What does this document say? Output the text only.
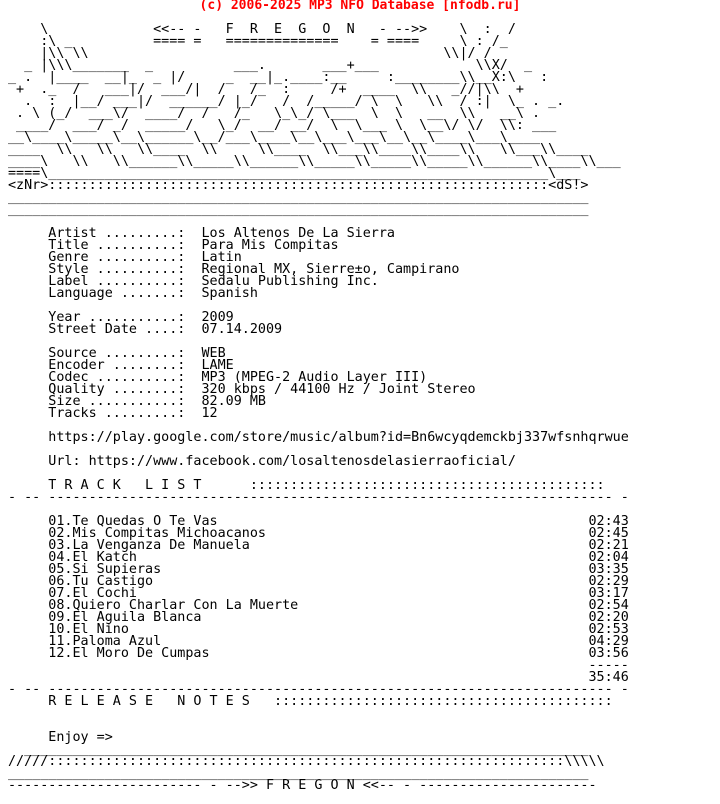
(c) 2006-2025 MP3 NFO Database [nfodb.ru]
\             <<-- -   F  R  E  G  O  N   - -->>    \  :  /
:\ _          ==== =   ==============    = ====     \ : /_
|\\ \\                                            \\|/ /
_ |\\\_______  _          ___.       ___+___            \\X/  _
_ .  |____  __|_  _ |/     _  __|_.____:__     :________\\__X:\   :
+  ._  /   ___|/  ___/|  /   /_  :     /+  ____  \\   _//|\\  +
.  :  |__/ ___|/  ______/ |_/   /  /_____/ \  \   \\  / :|  \_ . _.
. \ (_/  ___\/  ____/  /   /_   \_\_/ \___  \  \   __  \\   __\ .
____/  ___/ _/  _____/   \_/  __/ __/  \  \___ \  \__\/ \/  \\: ___
__\____\_____\__\______\__/___\____\__\___\___\__\__\____\___\____
____  \\   \\   \\____  \\     \\____  \\___\\____\\____\\   \\___\\____
____\   \\   \\______\\_____\\______\\_____\\_____\\_____\\______\\____\\___
====\______________________________________________________________\___
<zNr>::::::::::::::::::::::::::::::::::::::::::::::::::::::::::::::<dS!>
________________________________________________________________________
________________________________________________________________________
Artist .........:  Los Altenos De La Sierra
Title ..........:  Para Mis Compitas
Genre ..........:  Latin
Style ..........:  Regional MX, Sierre±o, Campirano
Label ..........:  Sedalu Publishing Inc.
Language .......:  Spanish
Year ...........:  2009
Street Date ....:  07.14.2009
Source .........:  WEB
Encoder ........:  LAME
Codec ..........:  MP3 (MPEG-2 Audio Layer III)
Quality ........:  320 kbps / 44100 Hz / Joint Stereo
Size ...........:  82.09 MB
Tracks .........:  12
https://play.google.com/store/music/album?id=Bn6wcyqdemckbj337wfsnhqrwue
Url: https://www.facebook.com/losaltenosdelasierraoficial/
T R A C K   L I S T      ::::::::::::::::::::::::::::::::::::::::::::
- -- ---------------------------------------------------------------------- -
01.Te Quedas O Te Vas                                              02:43
02.Mis Compitas Michoacanos                                        02:45
03.La Venganza De Manuela                                          02:21
04.El Katch                                                        02:04
05.Si Supieras                                                     03:35
06.Tu Castigo                                                      02:29
07.El Cochi                                                        03:17
08.Quiero Charlar Con La Muerte                                    02:54
09.El Aguila Blanca                                                02:20
10.El Nino                                                         02:53
11.Paloma Azul                                                     04:29
12.El Moro De Cumpas                                               03:56
-----
35:46
- -- ---------------------------------------------------------------------- -
R E L E A S E   N O T E S   ::::::::::::::::::::::::::::::::::::::::::
Enjoy =>
______________________________________________________________________
/////::::::::::::::::::::::::::::::::::::::::::::::::::::::::::::::::\\\\\
________________________________________________________________________
------------------------ - -->> F R E G O N <<-- - ----------------------
